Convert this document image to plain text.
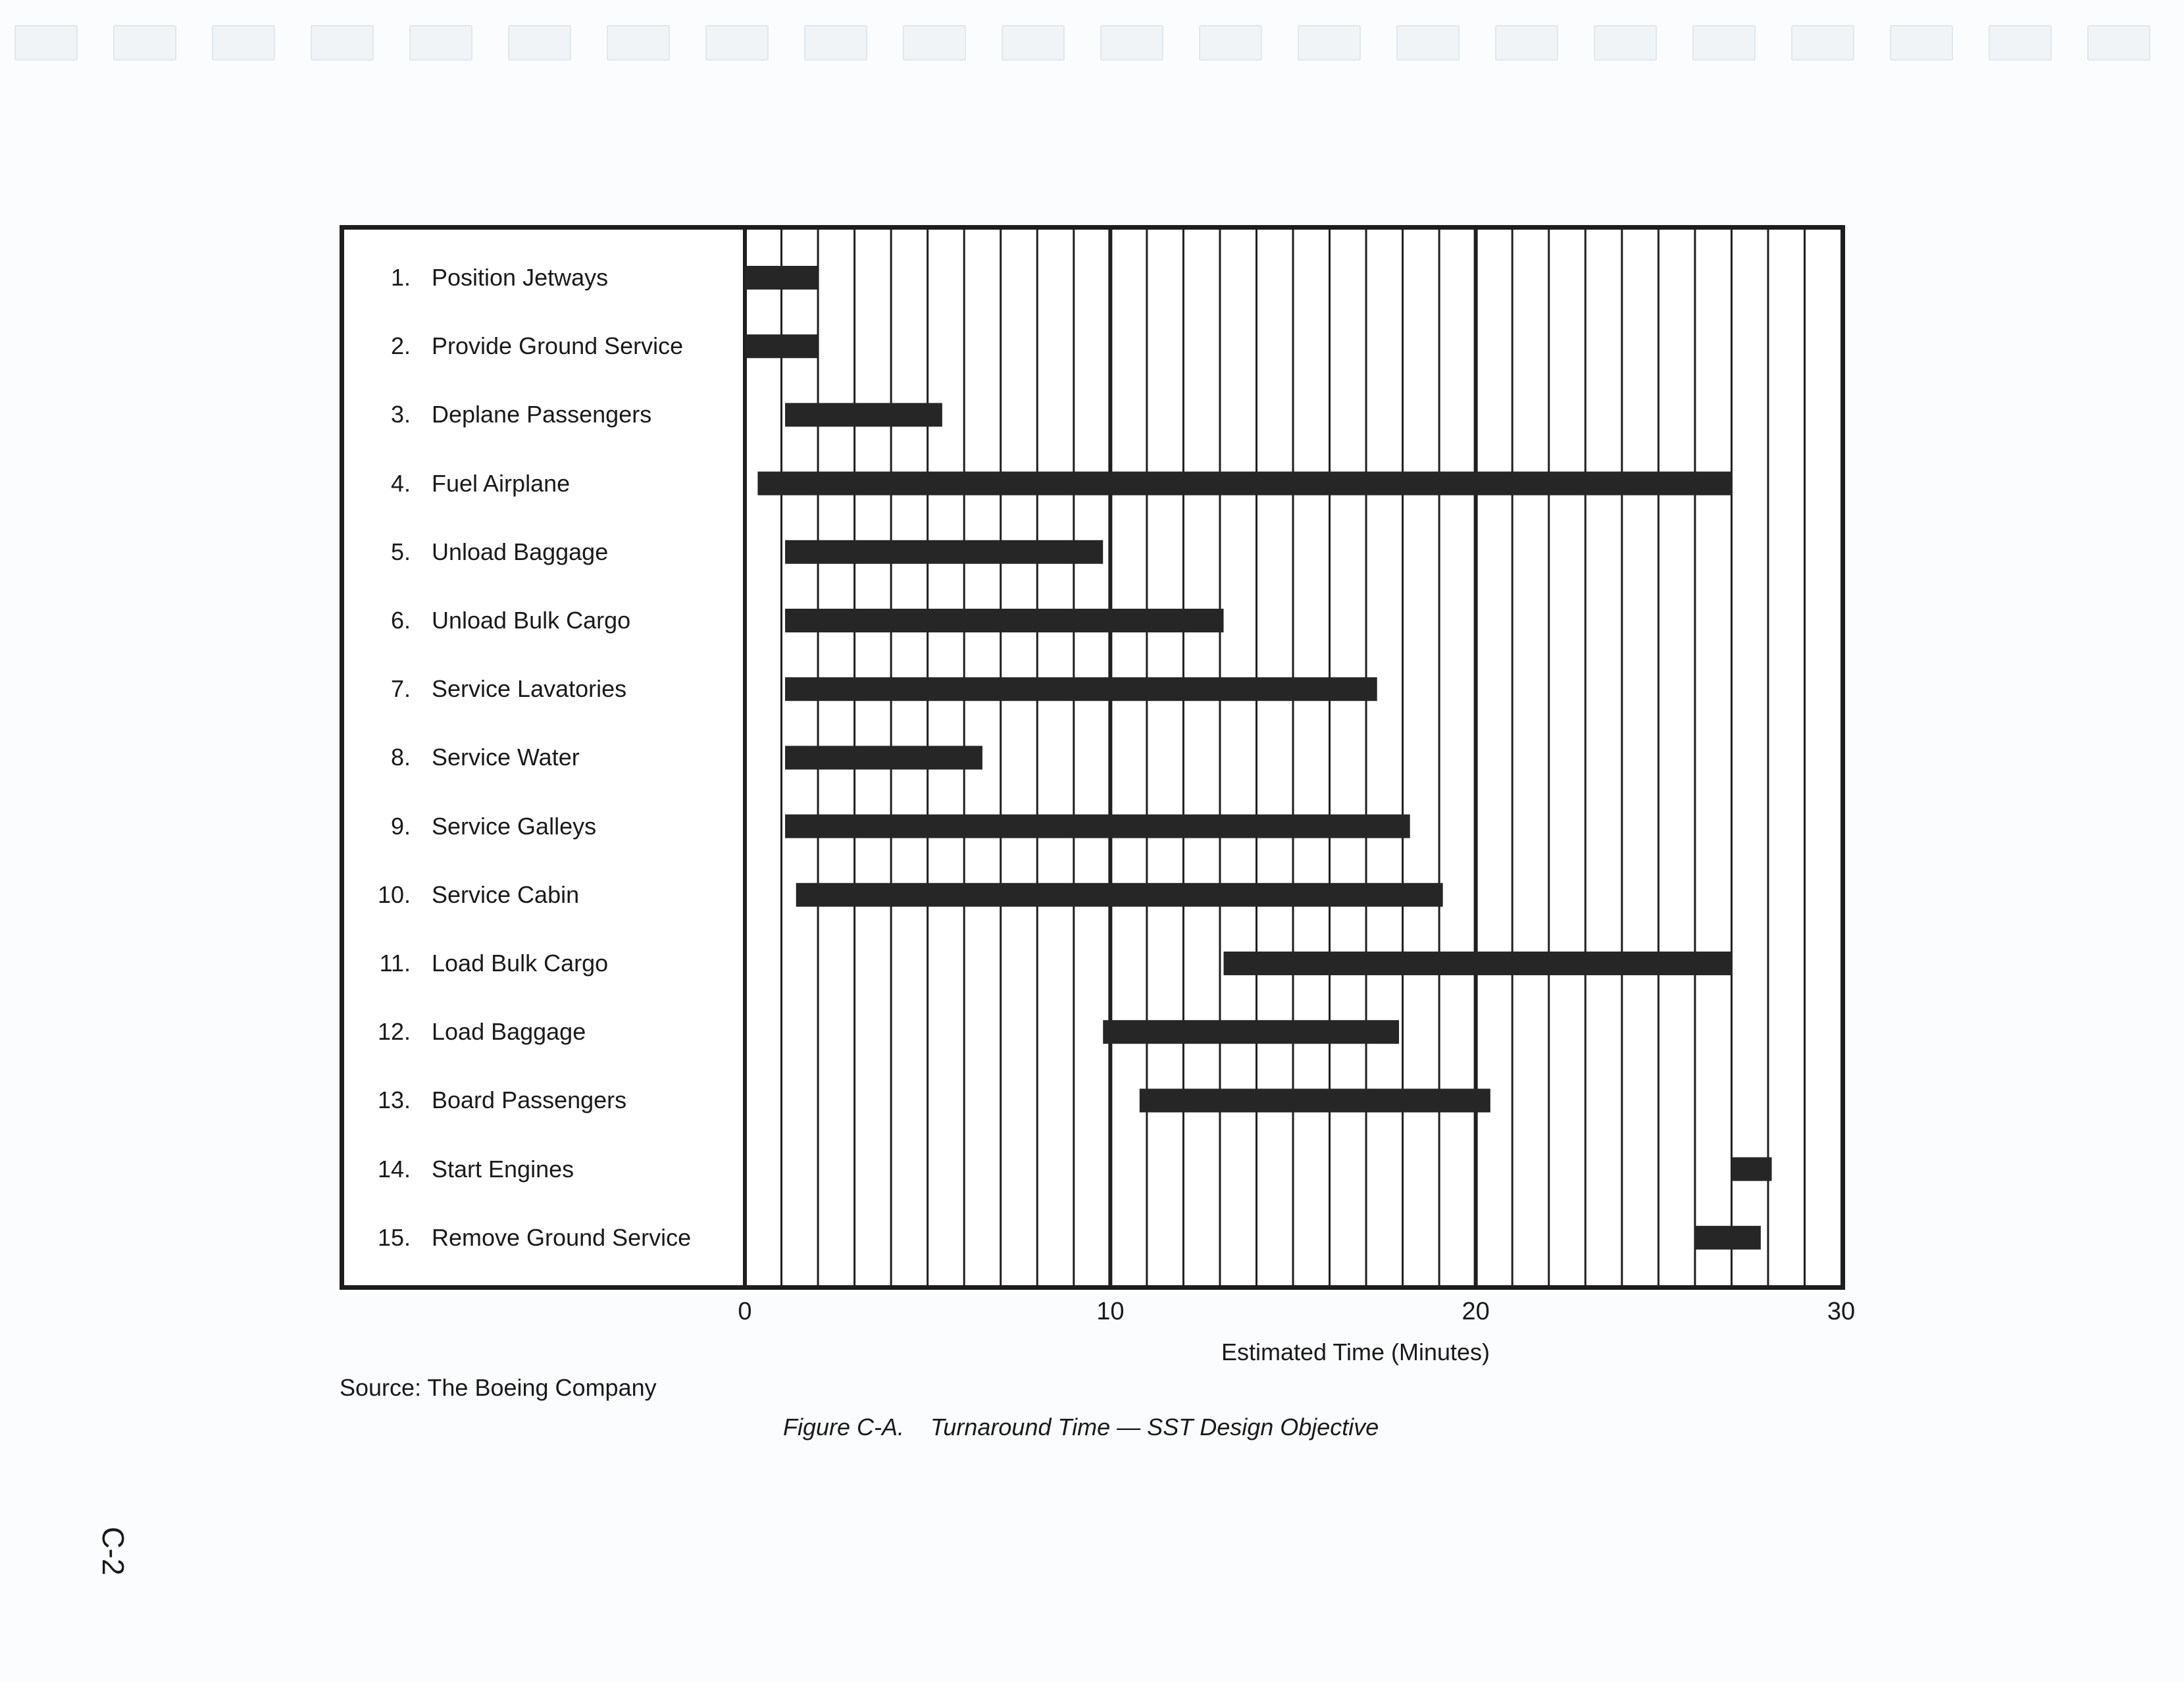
1. Position Jetways
2. Provide Ground Service
3. Deplane Passengers
4. Fuel Airplane
5. Unload Baggage
6. Unload Bulk Cargo
7. Service Lavatories
8. Service Water
9. Service Galleys
10. Service Cabin
11. Load Bulk Cargo
12. Load Baggage
13. Board Passengers
14. Start Engines
15. Remove Ground Service
0	10	20	30
Estimated Time (Minutes)
Source: The Boeing Company
Figure C-A.    Turnaround Time — SST Design Objective
C-2
